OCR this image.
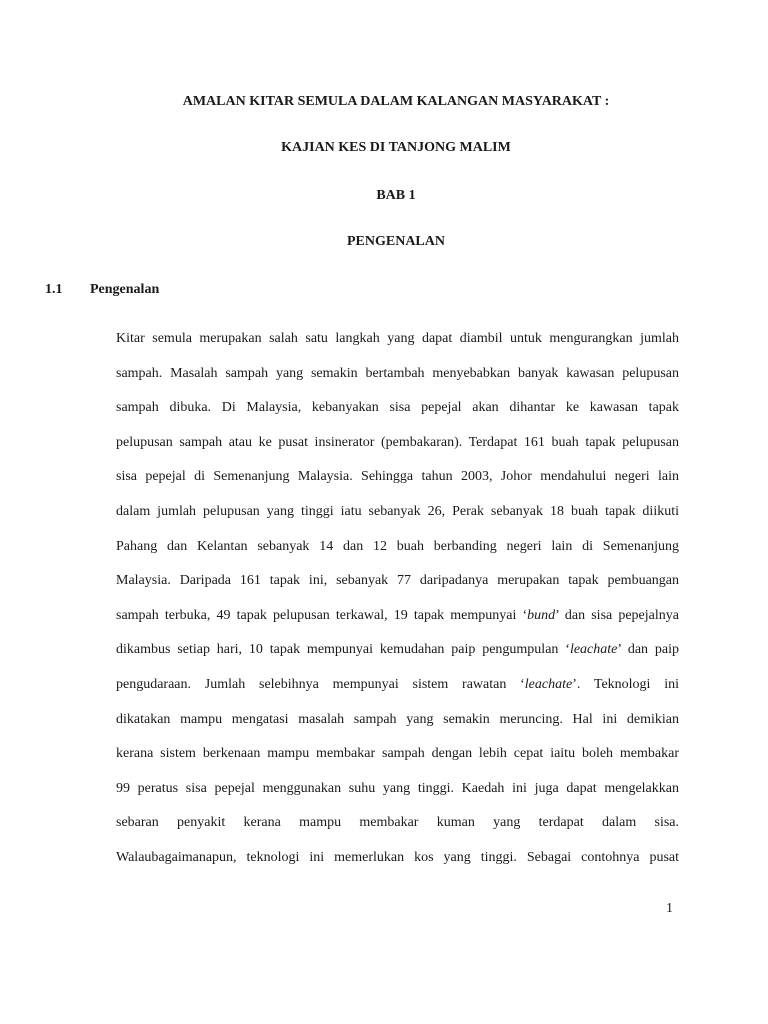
AMALAN KITAR SEMULA DALAM KALANGAN MASYARAKAT :

KAJIAN KES DI TANJONG MALIM

BAB 1

PENGENALAN

1.1 Pengenalan

Kitar semula merupakan salah satu langkah yang dapat diambil untuk mengurangkan jumlah
sampah. Masalah sampah yang semakin bertambah menyebabkan banyak kawasan pelupusan
sampah dibuka. Di Malaysia, kebanyakan sisa pepejal akan dihantar ke kawasan tapak
pelupusan sampah atau ke pusat insinerator (pembakaran). Terdapat 161 buah tapak pelupusan
sisa pepejal di Semenanjung Malaysia. Sehingga tahun 2003, Johor mendahului negeri lain
dalam jumlah pelupusan yang tinggi iatu sebanyak 26, Perak sebanyak 18 buah tapak diikuti
Pahang dan Kelantan sebanyak 14 dan 12 buah berbanding negeri lain di Semenanjung
Malaysia. Daripada 161 tapak ini, sebanyak 77 daripadanya merupakan tapak pembuangan
sampah terbuka, 49 tapak pelupusan terkawal, 19 tapak mempunyai ‘bund’ dan sisa pepejalnya
dikambus setiap hari, 10 tapak mempunyai kemudahan paip pengumpulan ‘leachate’ dan paip
pengudaraan. Jumlah selebihnya mempunyai sistem rawatan ‘leachate’. Teknologi ini
dikatakan mampu mengatasi masalah sampah yang semakin meruncing. Hal ini demikian
kerana sistem berkenaan mampu membakar sampah dengan lebih cepat iaitu boleh membakar
99 peratus sisa pepejal menggunakan suhu yang tinggi. Kaedah ini juga dapat mengelakkan
sebaran penyakit kerana mampu membakar kuman yang terdapat dalam sisa.
Walaubagaimanapun, teknologi ini memerlukan kos yang tinggi. Sebagai contohnya pusat
1
